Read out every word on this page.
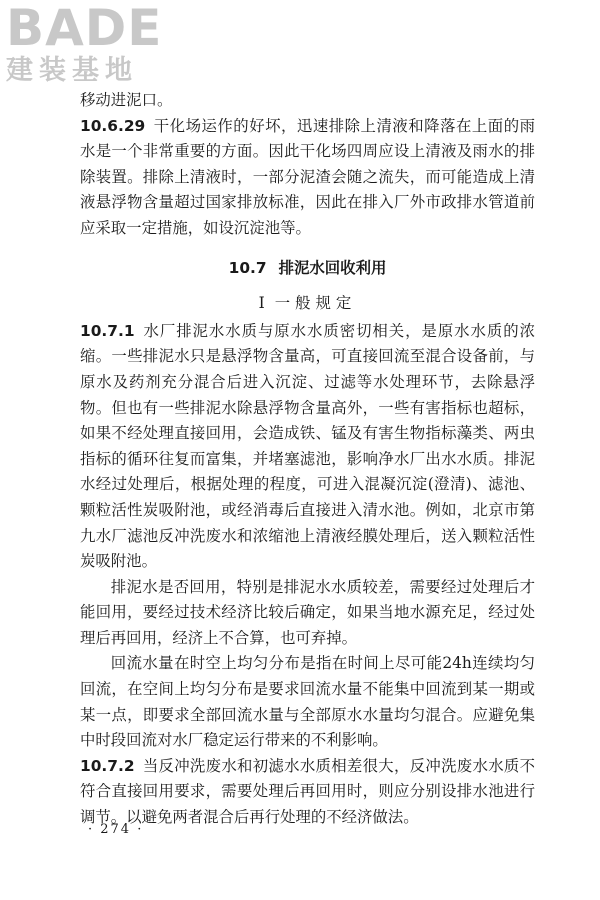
BADE
建装基地

移动进泥口。

10.6.29 干化场运作的好坏，迅速排除上清液和降落在上面的雨水是一个非常重要的方面。因此干化场四周应设上清液及雨水的排除装置。排除上清液时，一部分泥渣会随之流失，而可能造成上清液悬浮物含量超过国家排放标准，因此在排入厂外市政排水管道前应采取一定措施，如设沉淀池等。

10.7 排泥水回收利用
Ⅰ 一般规定

10.7.1 水厂排泥水水质与原水水质密切相关，是原水水质的浓缩。一些排泥水只是悬浮物含量高，可直接回流至混合设备前，与原水及药剂充分混合后进入沉淀、过滤等水处理环节，去除悬浮物。但也有一些排泥水除悬浮物含量高外，一些有害指标也超标，如果不经处理直接回用，会造成铁、锰及有害生物指标藻类、两虫指标的循环往复而富集，并堵塞滤池，影响净水厂出水水质。排泥水经过处理后，根据处理的程度，可进入混凝沉淀(澄清)、滤池、颗粒活性炭吸附池，或经消毒后直接进入清水池。例如，北京市第九水厂滤池反冲洗废水和浓缩池上清液经膜处理后，送入颗粒活性炭吸附池。

排泥水是否回用，特别是排泥水水质较差，需要经过处理后才能回用，要经过技术经济比较后确定，如果当地水源充足，经过处理后再回用，经济上不合算，也可弃掉。

回流水量在时空上均匀分布是指在时间上尽可能24h连续均匀回流，在空间上均匀分布是要求回流水量不能集中回流到某一期或某一点，即要求全部回流水量与全部原水水量均匀混合。应避免集中时段回流对水厂稳定运行带来的不利影响。

10.7.2 当反冲洗废水和初滤水水质相差很大，反冲洗废水水质不符合直接回用要求，需要处理后再回用时，则应分别设排水池进行调节。以避免两者混合后再行处理的不经济做法。

· 274 ·
